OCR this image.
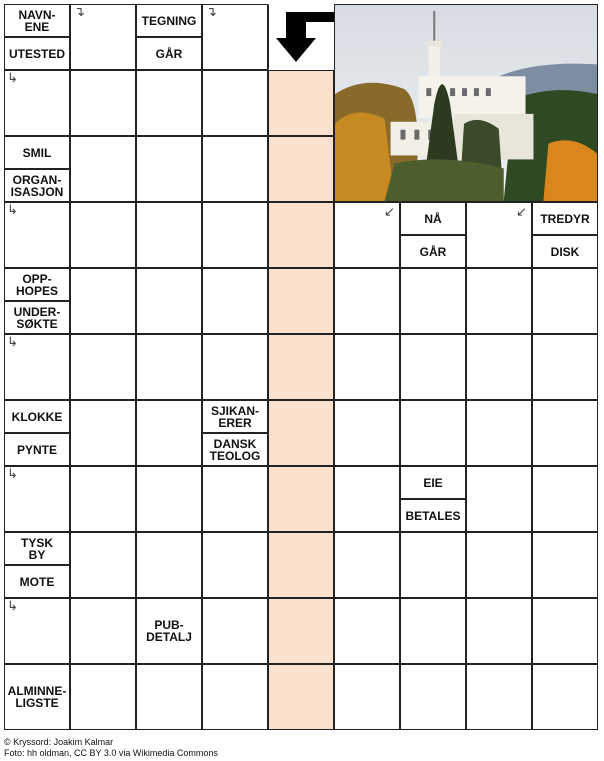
NAVN-
ENE
UTESTED
TEGNING
GÅR
SMIL
ORGAN-
ISASJON
NÅ
GÅR
TREDYR
DISK
OPP-
HOPES
UNDER-
SØKTE
KLOKKE
PYNTE
SJIKAN-
ERER
DANSK
TEOLOG
EIE
BETALES
TYSK
BY
MOTE
PUB-
DETALJ
ALMINNE-
LIGSTE
↴	↴
↳
↳	↙	↙
↳
↳
↳
© Kryssord: Joakim Kalmar
Foto: hh oldman, CC BY 3.0 via Wikimedia Commons
